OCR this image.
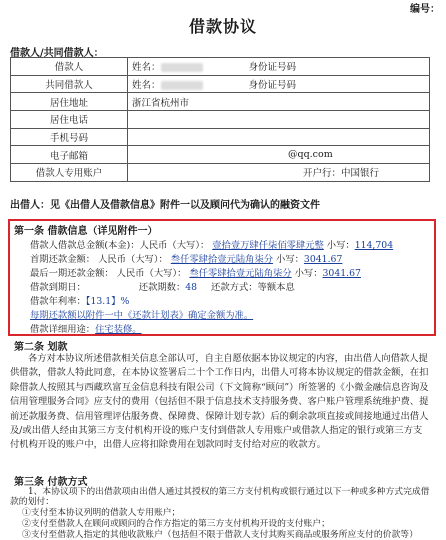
编号：
借款协议
借款人/共同借款人：
借款人	姓名： 身份证号码
共同借款人	姓名： 身份证号码
居住地址	浙江省杭州市
居住电话	
手机号码	
电子邮箱	@qq.com
借款人专用账户	开户行：中国银行
出借人：见《出借人及借款信息》附件一以及顾问代为确认的融资文件
第一条 借款信息（详见附件一）
借款人借款总金额(本金)：人民币（大写）： 壹拾壹万肆仟柒佰零肆元整 小写：114,704
首期还款金额： 人民币（大写）： 叁仟零肆拾壹元陆角柒分 小写：3041.67
最后一期还款金额： 人民币（大写）： 叁仟零肆拾壹元陆角柒分 小写：3041.67
借款到期日：	还款期数：48 还款方式：等额本息
借款年利率：【13.1】%
每期还款额以附件一中《还款计划表》确定金额为准。
借款详细用途：住宅装修。
第二条 划款
各方对本协议所述借款相关信息全部认可，自主自愿依据本协议规定的内容，由出借人向借款人提供借款，借款人特此同意，在本协议签署后二十个工作日内，出借人可将本协议规定的借款金额，在扣除借款人按照其与西藏玖富互金信息科技有限公司（下文简称“顾问”）所签署的《小微金融信息咨询及信用管理服务合同》应支付的费用（包括但不限于信息技术支持服务费、客户账户管理系统维护费、提前还款服务费、信用管理评估服务费、保障费、保障计划专款）后的剩余款项直接或间接地通过出借人及/或出借人经由其第三方支付机构开设的账户支付到借款人专用账户或借款人指定的银行或第三方支付机构开设的账户中，出借人应将扣除费用在划款同时支付给对应的收款方。
第三条 付款方式
1、本协议项下的出借款项由出借人通过其授权的第三方支付机构或银行通过以下一种或多种方式完成借款的划付：
①支付至本协议列明的借款人专用账户；
②支付至借款人在顾问或顾问的合作方指定的第三方支付机构开设的支付账户；
③支付至借款人指定的其他收款账户（包括但不限于借款人支付其购买商品或服务所应支付的价款等）
